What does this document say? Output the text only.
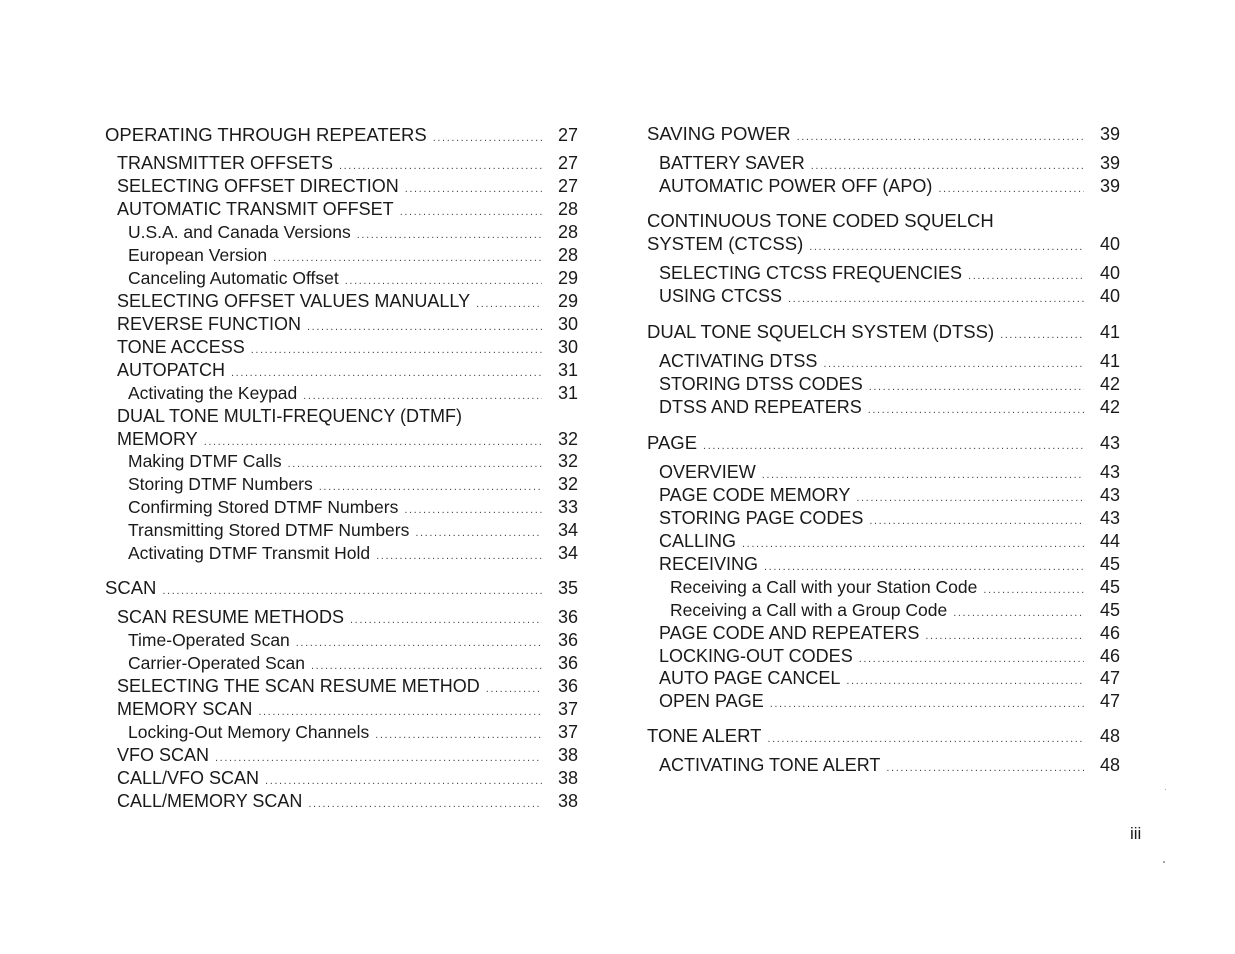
OPERATING THROUGH REPEATERS .....	27
TRANSMITTER OFFSETS .....	27
SELECTING OFFSET DIRECTION .....	27
AUTOMATIC TRANSMIT OFFSET .....	28
U.S.A. and Canada Versions .....	28
European Version .....	28
Canceling Automatic Offset .....	29
SELECTING OFFSET VALUES MANUALLY .....	29
REVERSE FUNCTION .....	30
TONE ACCESS .....	30
AUTOPATCH .....	31
Activating the Keypad .....	31
DUAL TONE MULTI-FREQUENCY (DTMF)
MEMORY .....	32
Making DTMF Calls .....	32
Storing DTMF Numbers .....	32
Confirming Stored DTMF Numbers .....	33
Transmitting Stored DTMF Numbers .....	34
Activating DTMF Transmit Hold .....	34
SCAN .....	35
SCAN RESUME METHODS .....	36
Time-Operated Scan .....	36
Carrier-Operated Scan .....	36
SELECTING THE SCAN RESUME METHOD .....	36
MEMORY SCAN .....	37
Locking-Out Memory Channels .....	37
VFO SCAN .....	38
CALL/VFO SCAN .....	38
CALL/MEMORY SCAN .....	38
SAVING POWER .....	39
BATTERY SAVER .....	39
AUTOMATIC POWER OFF (APO) .....	39
CONTINUOUS TONE CODED SQUELCH
SYSTEM (CTCSS) .....	40
SELECTING CTCSS FREQUENCIES .....	40
USING CTCSS .....	40
DUAL TONE SQUELCH SYSTEM (DTSS) .....	41
ACTIVATING DTSS .....	41
STORING DTSS CODES .....	42
DTSS AND REPEATERS .....	42
PAGE .....	43
OVERVIEW .....	43
PAGE CODE MEMORY .....	43
STORING PAGE CODES .....	43
CALLING .....	44
RECEIVING .....	45
Receiving a Call with your Station Code .....	45
Receiving a Call with a Group Code .....	45
PAGE CODE AND REPEATERS .....	46
LOCKING-OUT CODES .....	46
AUTO PAGE CANCEL .....	47
OPEN PAGE .....	47
TONE ALERT .....	48
ACTIVATING TONE ALERT .....	48
iii
